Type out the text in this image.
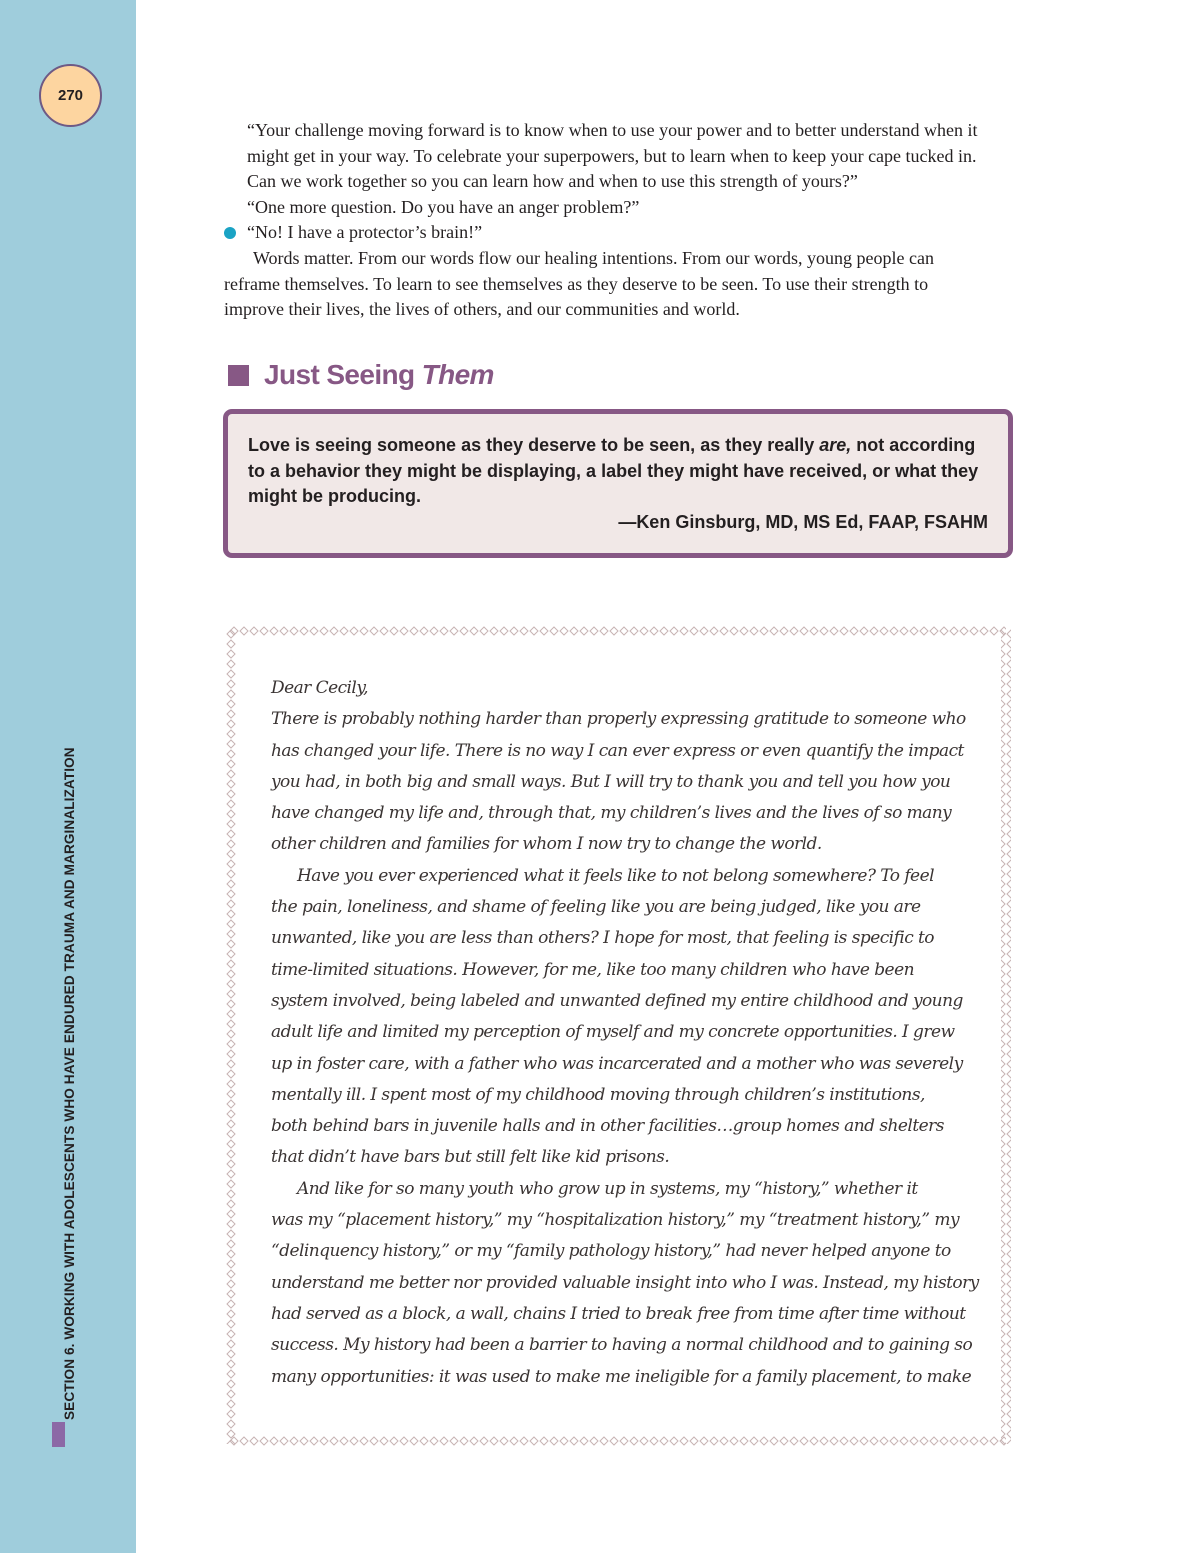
270
SECTION 6. WORKING WITH ADOLESCENTS WHO HAVE ENDURED TRAUMA AND MARGINALIZATION

“Your challenge moving forward is to know when to use your power and to better understand when it

might get in your way. To celebrate your superpowers, but to learn when to keep your cape tucked in.

Can we work together so you can learn how and when to use this strength of yours?”

“One more question. Do you have an anger problem?”

“No! I have a protector’s brain!”

Words matter. From our words flow our healing intentions. From our words, young people can

reframe themselves. To learn to see themselves as they deserve to be seen. To use their strength to

improve their lives, the lives of others, and our communities and world.

Just Seeing Them

Love is seeing someone as they deserve to be seen, as they really are, not according

to a behavior they might be displaying, a label they might have received, or what they

might be producing.

—Ken Ginsburg, MD, MS Ed, FAAP, FSAHM

Dear Cecily,

There is probably nothing harder than properly expressing gratitude to someone who

has changed your life. There is no way I can ever express or even quantify the impact

you had, in both big and small ways. But I will try to thank you and tell you how you

have changed my life and, through that, my children’s lives and the lives of so many

other children and families for whom I now try to change the world.

Have you ever experienced what it feels like to not belong somewhere? To feel

the pain, loneliness, and shame of feeling like you are being judged, like you are

unwanted, like you are less than others? I hope for most, that feeling is specific to

time-limited situations. However, for me, like too many children who have been

system involved, being labeled and unwanted defined my entire childhood and young

adult life and limited my perception of myself and my concrete opportunities. I grew

up in foster care, with a father who was incarcerated and a mother who was severely

mentally ill. I spent most of my childhood moving through children’s institutions,

both behind bars in juvenile halls and in other facilities…group homes and shelters

that didn’t have bars but still felt like kid prisons.

And like for so many youth who grow up in systems, my “history,” whether it

was my “placement history,” my “hospitalization history,” my “treatment history,” my

“delinquency history,” or my “family pathology history,” had never helped anyone to

understand me better nor provided valuable insight into who I was. Instead, my history

had served as a block, a wall, chains I tried to break free from time after time without

success. My history had been a barrier to having a normal childhood and to gaining so

many opportunities: it was used to make me ineligible for a family placement, to make
